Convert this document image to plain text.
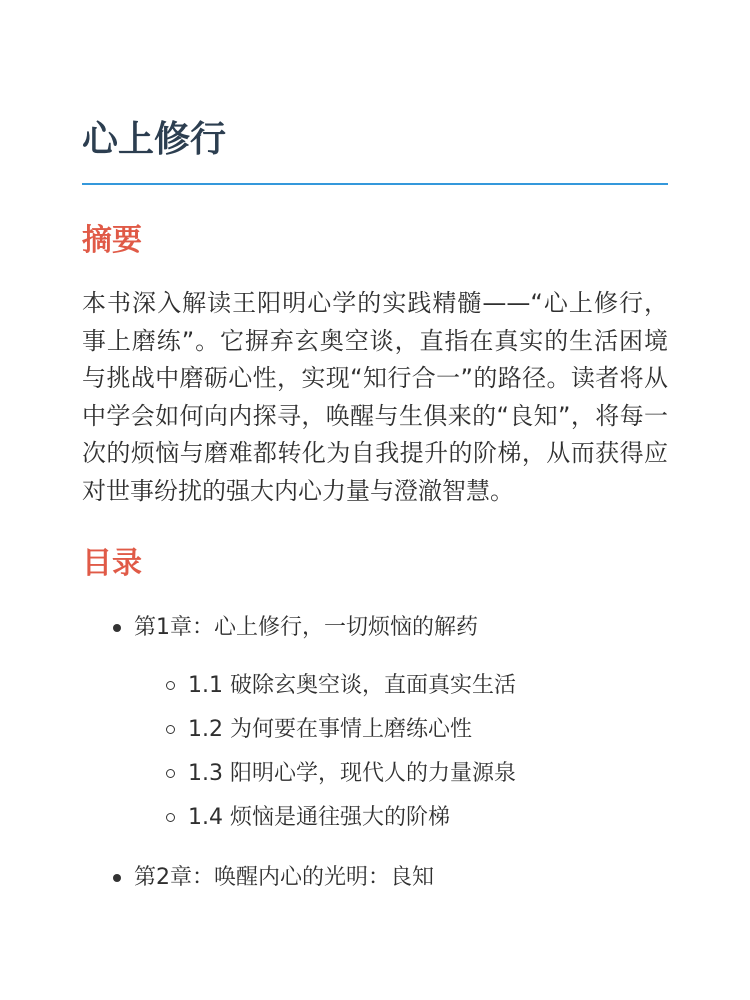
心上修行
摘要

本书深入解读王阳明心学的实践精髓——“心上修行，事上磨练”。它摒弃玄奥空谈，直指在真实的生活困境与挑战中磨砺心性，实现“知行合一”的路径。读者将从中学会如何向内探寻，唤醒与生俱来的“良知”，将每一次的烦恼与磨难都转化为自我提升的阶梯，从而获得应对世事纷扰的强大内心力量与澄澈智慧。

目录
第1章：心上修行，一切烦恼的解药
1.1 破除玄奥空谈，直面真实生活
1.2 为何要在事情上磨练心性
1.3 阳明心学，现代人的力量源泉
1.4 烦恼是通往强大的阶梯
第2章：唤醒内心的光明：良知
